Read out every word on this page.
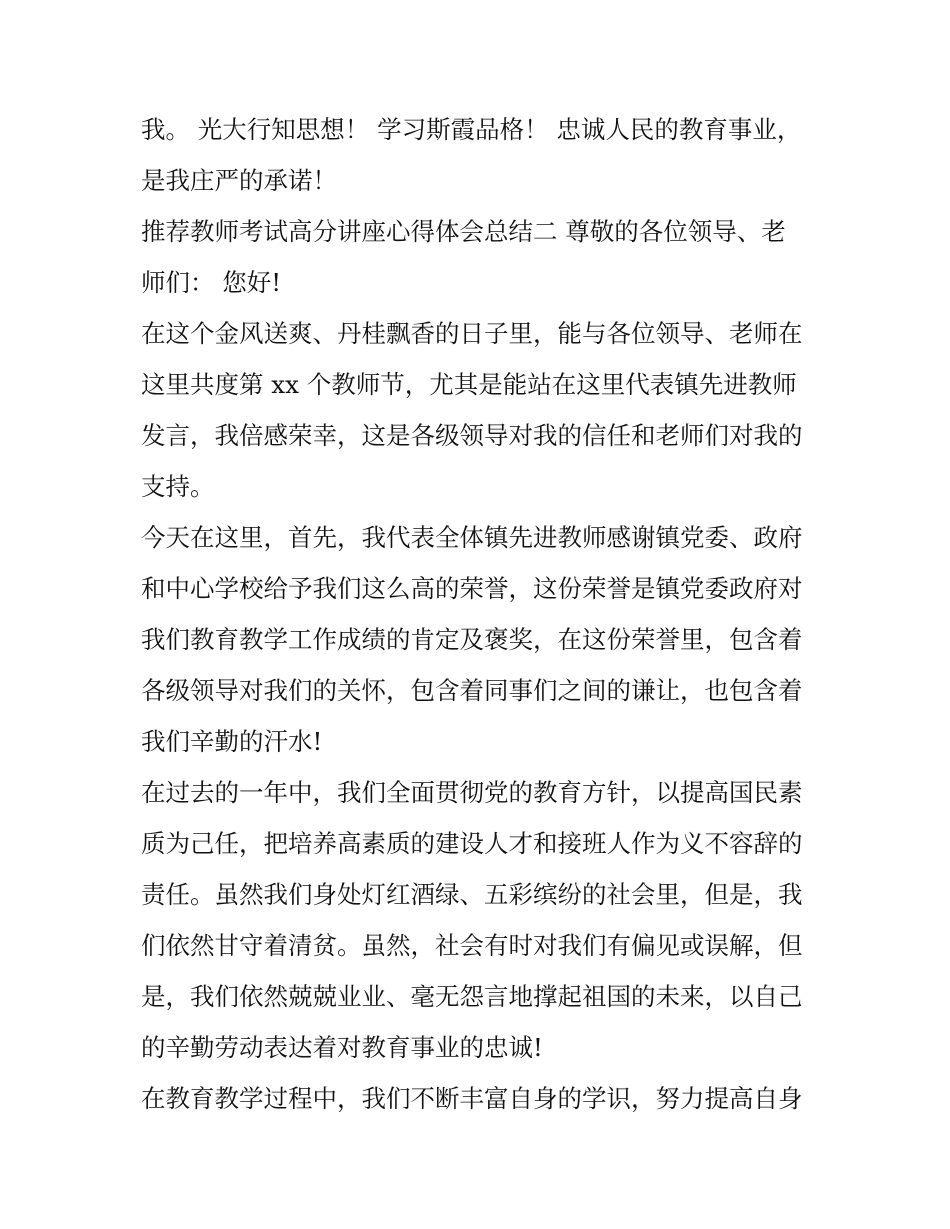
我。 光大行知思想！ 学习斯霞品格！ 忠诚人民的教育事业，
是我庄严的承诺！
推荐教师考试高分讲座心得体会总结二 尊敬的各位领导、老
师们： 您好!
在这个金风送爽、丹桂飘香的日子里，能与各位领导、老师在
这里共度第 xx 个教师节，尤其是能站在这里代表镇先进教师
发言，我倍感荣幸，这是各级领导对我的信任和老师们对我的
支持。
今天在这里，首先，我代表全体镇先进教师感谢镇党委、政府
和中心学校给予我们这么高的荣誉，这份荣誉是镇党委政府对
我们教育教学工作成绩的肯定及褒奖，在这份荣誉里，包含着
各级领导对我们的关怀，包含着同事们之间的谦让，也包含着
我们辛勤的汗水!
在过去的一年中，我们全面贯彻党的教育方针，以提高国民素
质为己任，把培养高素质的建设人才和接班人作为义不容辞的
责任。虽然我们身处灯红酒绿、五彩缤纷的社会里，但是，我
们依然甘守着清贫。虽然，社会有时对我们有偏见或误解，但
是，我们依然兢兢业业、毫无怨言地撑起祖国的未来，以自己
的辛勤劳动表达着对教育事业的忠诚!
在教育教学过程中，我们不断丰富自身的学识，努力提高自身
